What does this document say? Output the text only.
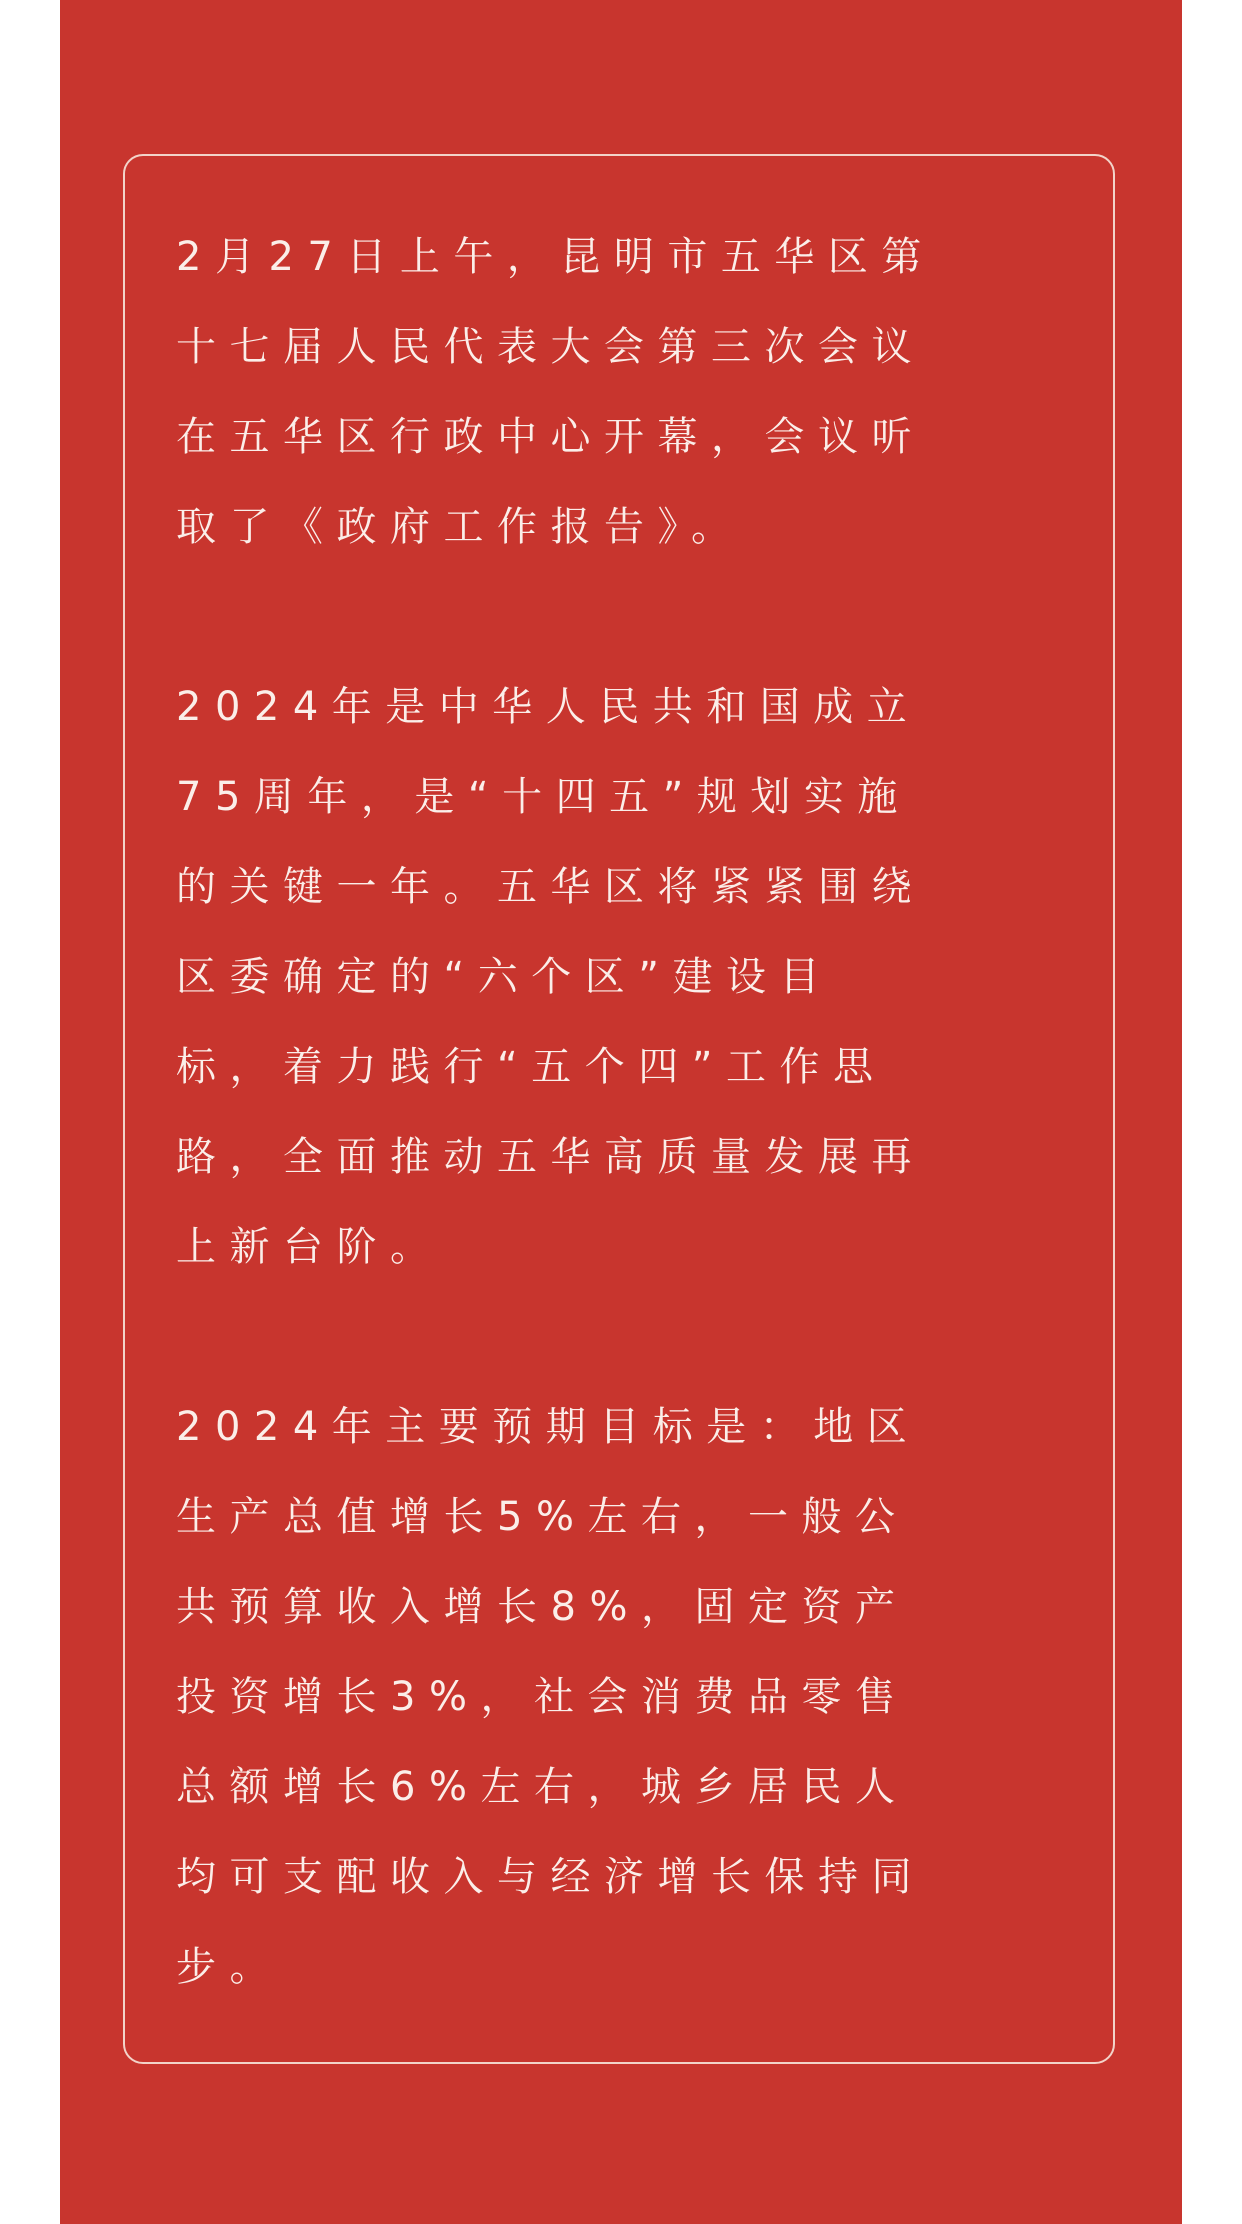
2月27日上午，昆明市五华区第十七届人民代表大会第三次会议在五华区行政中心开幕，会议听取了《政府工作报告》。

2024年是中华人民共和国成立75周年，是“十四五”规划实施的关键一年。五华区将紧紧围绕区委确定的“六个区”建设目标，着力践行“五个四”工作思路，全面推动五华高质量发展再上新台阶。

2024年主要预期目标是：地区生产总值增长5%左右，一般公共预算收入增长8%，固定资产投资增长3%，社会消费品零售总额增长6%左右，城乡居民人均可支配收入与经济增长保持同步。
